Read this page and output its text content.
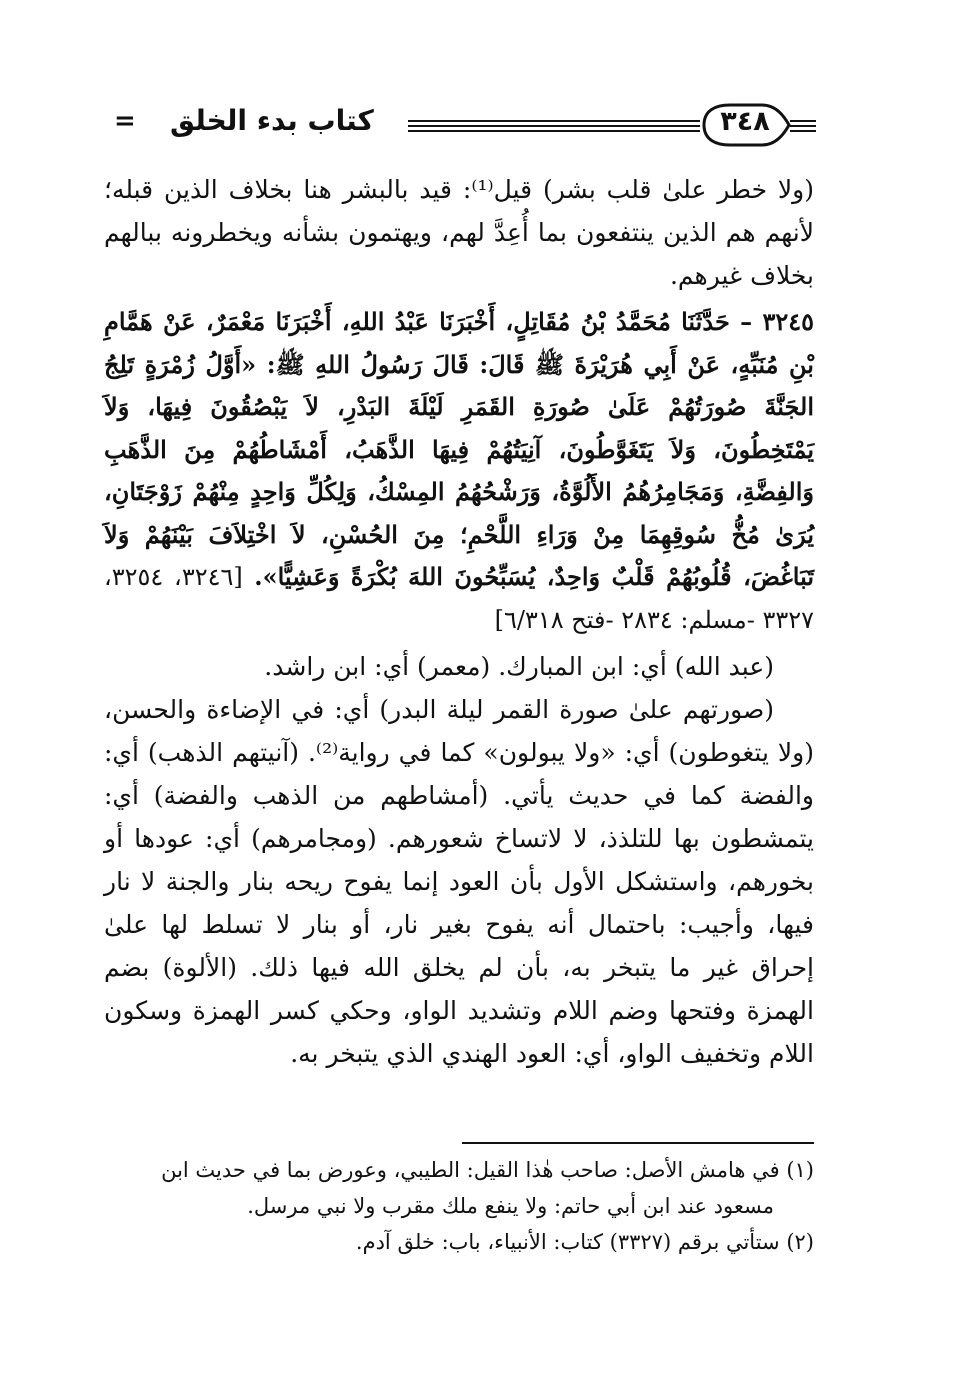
= كتاب بدء الخلق	٣٤٨

(ولا خطر علىٰ قلب بشر) قيل⁽¹⁾: قيد بالبشر هنا بخلاف الذين قبله؛ لأنهم هم الذين ينتفعون بما أُعِدَّ لهم، ويهتمون بشأنه ويخطرونه ببالهم بخلاف غيرهم.

٣٢٤٥ – حَدَّثَنَا مُحَمَّدُ بْنُ مُقَاتِلٍ، أَخْبَرَنَا عَبْدُ اللهِ، أَخْبَرَنَا مَعْمَرٌ، عَنْ هَمَّامِ بْنِ مُنَبِّهٍ، عَنْ أَبِي هُرَيْرَةَ ﷺ قَالَ: قَالَ رَسُولُ اللهِ ﷺ: «أَوَّلُ زُمْرَةٍ تَلِجُ الجَنَّةَ صُورَتُهُمْ عَلَىٰ صُورَةِ القَمَرِ لَيْلَةَ البَدْرِ، لاَ يَبْصُقُونَ فِيهَا، وَلاَ يَمْتَخِطُونَ، وَلاَ يَتَغَوَّطُونَ، آنِيَتُهُمْ فِيهَا الذَّهَبُ، أَمْشَاطُهُمْ مِنَ الذَّهَبِ وَالفِضَّةِ، وَمَجَامِرُهُمُ الأَلُوَّةُ، وَرَشْحُهُمُ المِسْكُ، وَلِكُلِّ وَاحِدٍ مِنْهُمْ زَوْجَتَانِ، يُرَىٰ مُخُّ سُوقِهِمَا مِنْ وَرَاءِ اللَّحْمِ؛ مِنَ الحُسْنِ، لاَ اخْتِلاَفَ بَيْنَهُمْ وَلاَ تَبَاغُضَ، قُلُوبُهُمْ قَلْبٌ وَاحِدٌ، يُسَبِّحُونَ اللهَ بُكْرَةً وَعَشِيًّا». [٣٢٤٦، ٣٢٥٤، ٣٣٢٧ -مسلم: ٢٨٣٤ -فتح ٦/٣١٨]

(عبد الله) أي: ابن المبارك. (معمر) أي: ابن راشد.

(صورتهم علىٰ صورة القمر ليلة البدر) أي: في الإضاءة والحسن، (ولا يتغوطون) أي: «ولا يبولون» كما في رواية⁽²⁾. (آنيتهم الذهب) أي: والفضة كما في حديث يأتي. (أمشاطهم من الذهب والفضة) أي: يتمشطون بها للتلذذ، لا لاتساخ شعورهم. (ومجامرهم) أي: عودها أو بخورهم، واستشكل الأول بأن العود إنما يفوح ريحه بنار والجنة لا نار فيها، وأجيب: باحتمال أنه يفوح بغير نار، أو بنار لا تسلط لها علىٰ إحراق غير ما يتبخر به، بأن لم يخلق الله فيها ذلك. (الألوة) بضم الهمزة وفتحها وضم اللام وتشديد الواو، وحكي كسر الهمزة وسكون اللام وتخفيف الواو، أي: العود الهندي الذي يتبخر به.

(١) في هامش الأصل: صاحب هٰذا القيل: الطيبي، وعورض بما في حديث ابن

مسعود عند ابن أبي حاتم: ولا ينفع ملك مقرب ولا نبي مرسل.

(٢) ستأتي برقم (٣٣٢٧) كتاب: الأنبياء، باب: خلق آدم.
